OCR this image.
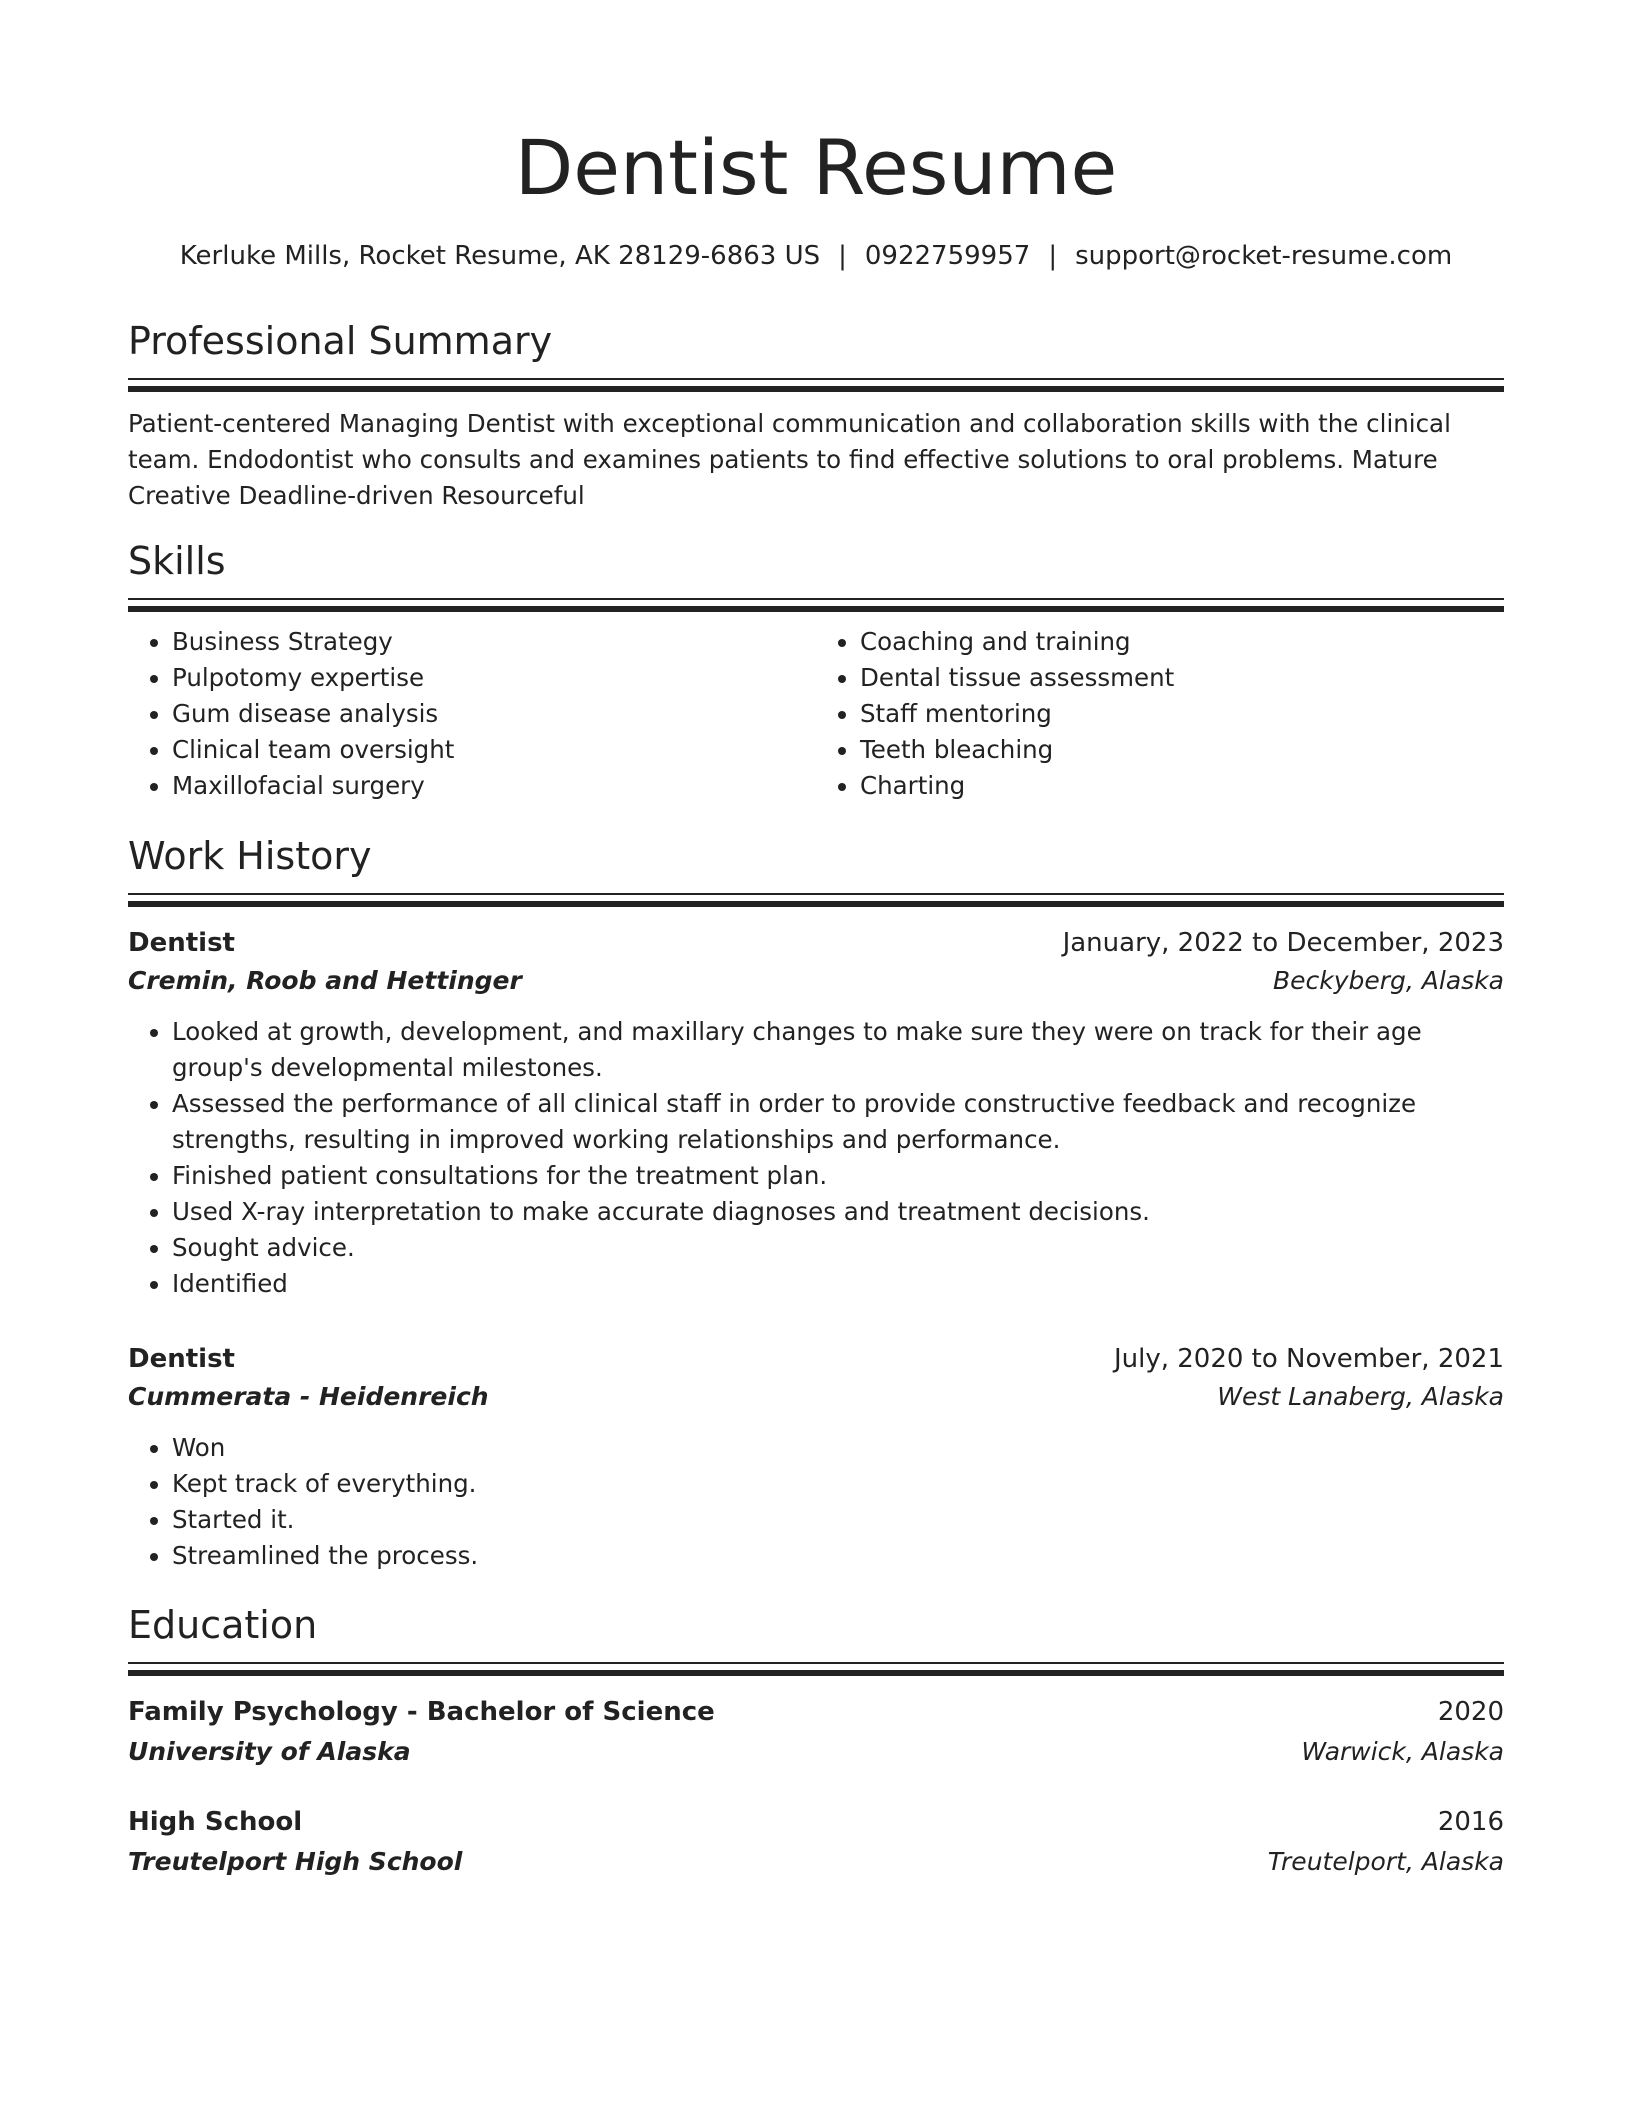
Dentist Resume
Kerluke Mills, Rocket Resume, AK 28129-6863 US | 0922759957 | support@rocket-resume.com
Professional Summary
Patient-centered Managing Dentist with exceptional communication and collaboration skills with the clinical team. Endodontist who consults and examines patients to find effective solutions to oral problems. Mature Creative Deadline-driven Resourceful
Skills
• Business Strategy
• Pulpotomy expertise
• Gum disease analysis
• Clinical team oversight
• Maxillofacial surgery
• Coaching and training
• Dental tissue assessment
• Staff mentoring
• Teeth bleaching
• Charting
Work History
Dentist	January, 2022 to December, 2023
Cremin, Roob and Hettinger	Beckyberg, Alaska
• Looked at growth, development, and maxillary changes to make sure they were on track for their age group's developmental milestones.
• Assessed the performance of all clinical staff in order to provide constructive feedback and recognize strengths, resulting in improved working relationships and performance.
• Finished patient consultations for the treatment plan.
• Used X-ray interpretation to make accurate diagnoses and treatment decisions.
• Sought advice.
• Identified
Dentist	July, 2020 to November, 2021
Cummerata - Heidenreich	West Lanaberg, Alaska
• Won
• Kept track of everything.
• Started it.
• Streamlined the process.
Education
Family Psychology - Bachelor of Science	2020
University of Alaska	Warwick, Alaska
High School	2016
Treutelport High School	Treutelport, Alaska
